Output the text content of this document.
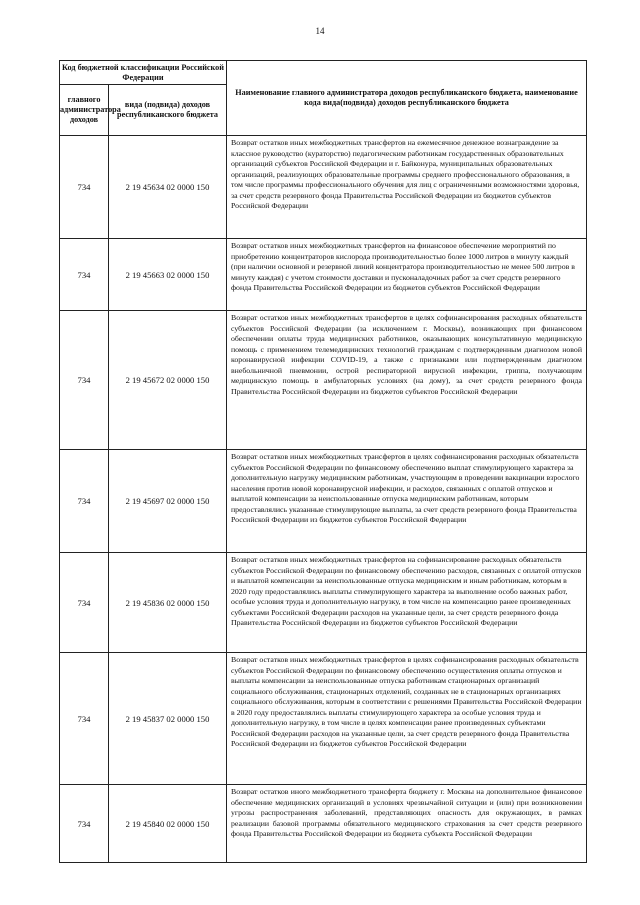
14
Код бюджетной классификации Российской Федерации		Наименование главного администратора доходов республиканского бюджета, наименование кода вида(подвида) доходов республиканского бюджета
главного администратора доходов	вида (подвида) доходов республиканского бюджета	
734	2 19 45634 02 0000 150	Возврат остатков иных межбюджетных трансфертов на ежемесячное денежное вознаграждение за классное руководство (кураторство) педагогическим работникам государственных образовательных организаций субъектов Российской Федерации и г. Байконура, муниципальных образовательных организаций, реализующих образовательные программы среднего профессионального образования, в том числе программы профессионального обучения для лиц с ограниченными возможностями здоровья, за счет средств резервного фонда Правительства Российской Федерации из бюджетов субъектов Российской Федерации
734	2 19 45663 02 0000 150	Возврат остатков иных межбюджетных трансфертов на финансовое обеспечение мероприятий по приобретению концентраторов кислорода производительностью более 1000 литров в минуту каждый (при наличии основной и резервной линий концентратора производительностью не менее 500 литров в минуту каждая) с учетом стоимости доставки и пусконаладочных работ за счет средств резервного фонда Правительства Российской Федерации из бюджетов субъектов Российской Федерации
734	2 19 45672 02 0000 150	Возврат остатков иных межбюджетных трансфертов в целях софинансирования расходных обязательств субъектов Российской Федерации (за исключением г. Москвы), возникающих при финансовом обеспечении оплаты труда медицинских работников, оказывающих консультативную медицинскую помощь с применением телемедицинских технологий гражданам с подтвержденным диагнозом новой коронавирусной инфекции COVID-19, а также с признаками или подтвержденным диагнозом внебольничной пневмонии, острой респираторной вирусной инфекции, гриппа, получающим медицинскую помощь в амбулаторных условиях (на дому), за счет средств резервного фонда Правительства Российской Федерации из бюджетов субъектов Российской Федерации
734	2 19 45697 02 0000 150	Возврат остатков иных межбюджетных трансфертов в целях софинансирования расходных обязательств субъектов Российской Федерации по финансовому обеспечению выплат стимулирующего характера за дополнительную нагрузку медицинским работникам, участвующим в проведении вакцинации взрослого населения против новой коронавирусной инфекции, и расходов, связанных с оплатой отпусков и выплатой компенсации за неиспользованные отпуска медицинским работникам, которым предоставлялись указанные стимулирующие выплаты, за счет средств резервного фонда Правительства Российской Федерации из бюджетов субъектов Российской Федерации
734	2 19 45836 02 0000 150	Возврат остатков иных межбюджетных трансфертов на софинансирование расходных обязательств субъектов Российской Федерации по финансовому обеспечению расходов, связанных с оплатой отпусков и выплатой компенсации за неиспользованные отпуска медицинским и иным работникам, которым в 2020 году предоставлялись выплаты стимулирующего характера за выполнение особо важных работ, особые условия труда и дополнительную нагрузку, в том числе на компенсацию ранее произведенных субъектами Российской Федерации расходов на указанные цели, за счет средств резервного фонда Правительства Российской Федерации из бюджетов субъектов Российской Федерации
734	2 19 45837 02 0000 150	Возврат остатков иных межбюджетных трансфертов в целях софинансирования расходных обязательств субъектов Российской Федерации по финансовому обеспечению осуществления оплаты отпусков и выплаты компенсации за неиспользованные отпуска работникам стационарных организаций социального обслуживания, стационарных отделений, созданных не в стационарных организациях социального обслуживания, которым в соответствии с решениями Правительства Российской Федерации в 2020 году предоставлялись выплаты стимулирующего характера за особые условия труда и дополнительную нагрузку, в том числе в целях компенсации ранее произведенных субъектами Российской Федерации расходов на указанные цели, за счет средств резервного фонда Правительства Российской Федерации из бюджетов субъектов Российской Федерации
734	2 19 45840 02 0000 150	Возврат остатков иного межбюджетного трансферта бюджету г. Москвы на дополнительное финансовое обеспечение медицинских организаций в условиях чрезвычайной ситуации и (или) при возникновении угрозы распространения заболеваний, представляющих опасность для окружающих, в рамках реализации базовой программы обязательного медицинского страхования за счет средств резервного фонда Правительства Российской Федерации из бюджета субъекта Российской Федерации
